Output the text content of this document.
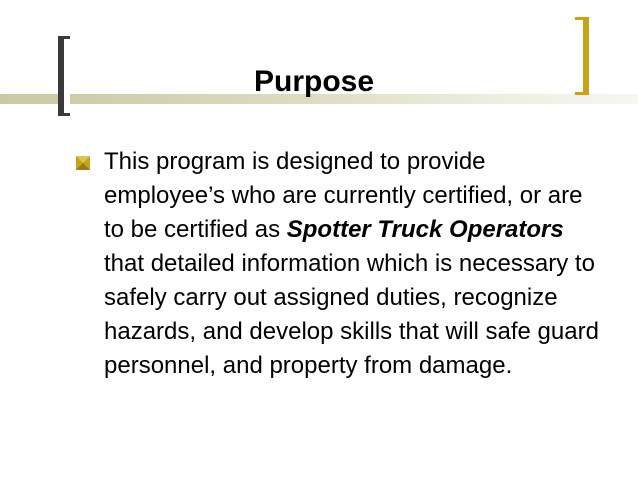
Purpose
This program is designed to provide employee’s who are currently certified, or are to be certified as Spotter Truck Operators that detailed information which is necessary to safely carry out assigned duties, recognize hazards, and develop skills that will safe guard personnel, and property from damage.
